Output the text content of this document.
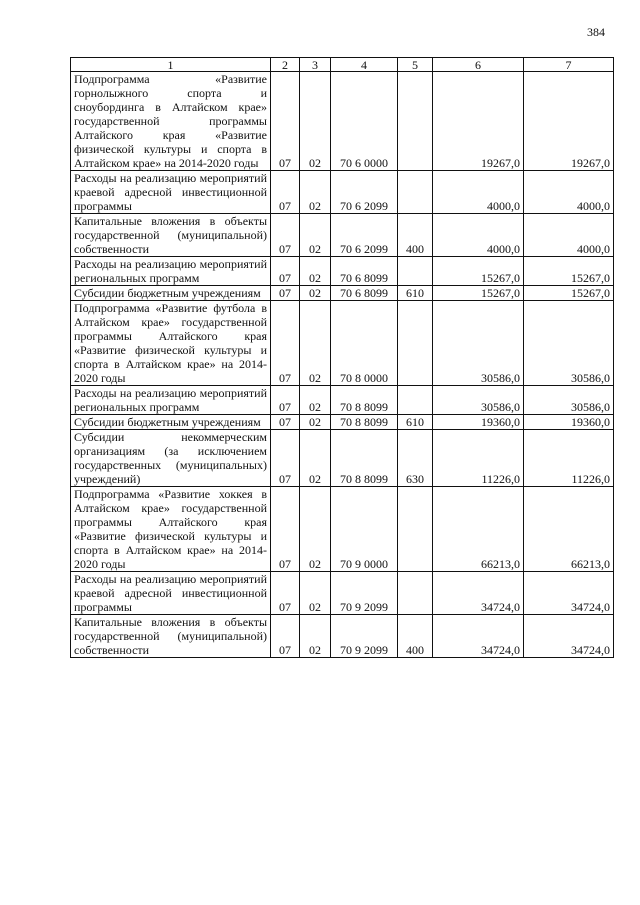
384
1	2	3	4	5	6	7
Подпрограмма «Развитие горнолыжного спорта и сноубординга в Алтайском крае» государственной программы Алтайского края «Развитие физической культуры и спорта в Алтайском крае» на 2014-2020 годы	07	02	70 6 0000		19267,0	19267,0
Расходы на реализацию мероприятий краевой адресной инвестиционной программы	07	02	70 6 2099		4000,0	4000,0
Капитальные вложения в объекты государственной (муниципальной) собственности	07	02	70 6 2099	400	4000,0	4000,0
Расходы на реализацию мероприятий региональных программ	07	02	70 6 8099		15267,0	15267,0
Субсидии бюджетным учреждениям	07	02	70 6 8099	610	15267,0	15267,0
Подпрограмма «Развитие футбола в Алтайском крае» государственной программы Алтайского края «Развитие физической культуры и спорта в Алтайском крае» на 2014-2020 годы	07	02	70 8 0000		30586,0	30586,0
Расходы на реализацию мероприятий региональных программ	07	02	70 8 8099		30586,0	30586,0
Субсидии бюджетным учреждениям	07	02	70 8 8099	610	19360,0	19360,0
Субсидии некоммерческим организациям (за исключением государственных (муниципальных) учреждений)	07	02	70 8 8099	630	11226,0	11226,0
Подпрограмма «Развитие хоккея в Алтайском крае» государственной программы Алтайского края «Развитие физической культуры и спорта в Алтайском крае» на 2014-2020 годы	07	02	70 9 0000		66213,0	66213,0
Расходы на реализацию мероприятий краевой адресной инвестиционной программы	07	02	70 9 2099		34724,0	34724,0
Капитальные вложения в объекты государственной (муниципальной) собственности	07	02	70 9 2099	400	34724,0	34724,0
